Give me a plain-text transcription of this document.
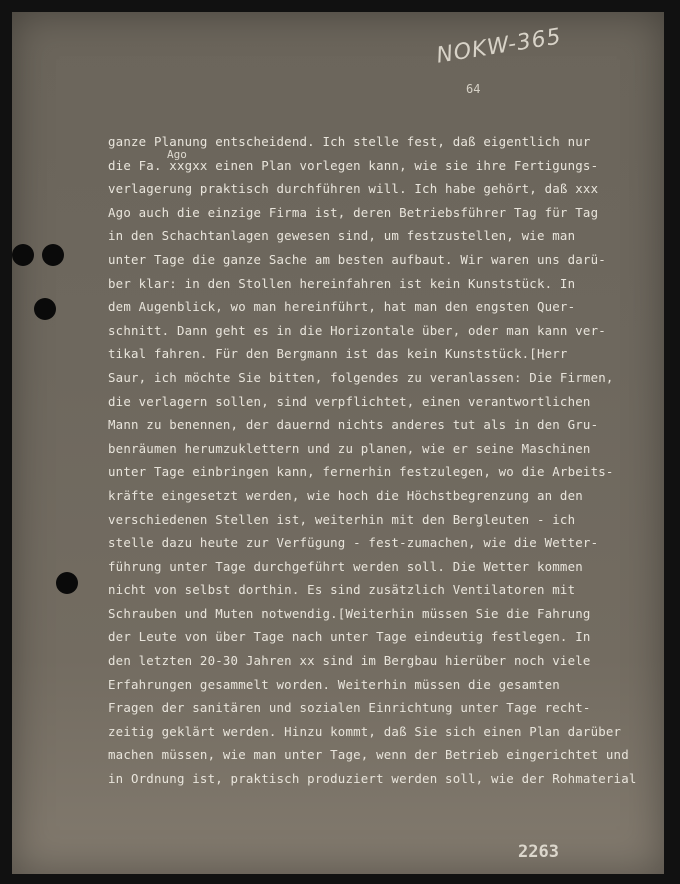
NOKW-365
64
Ago
ganze Planung entscheidend. Ich stelle fest, daß eigentlich nur
die Fa. xxgxx einen Plan vorlegen kann, wie sie ihre Fertigungs-
verlagerung praktisch durchführen will. Ich habe gehört, daß xxx
Ago auch die einzige Firma ist, deren Betriebsführer Tag für Tag
in den Schachtanlagen gewesen sind, um festzustellen, wie man
unter Tage die ganze Sache am besten aufbaut. Wir waren uns darü-
ber klar: in den Stollen hereinfahren ist kein Kunststück. In
dem Augenblick, wo man hereinführt, hat man den engsten Quer-
schnitt. Dann geht es in die Horizontale über, oder man kann ver-
tikal fahren. Für den Bergmann ist das kein Kunststück.[Herr
Saur, ich möchte Sie bitten, folgendes zu veranlassen: Die Firmen,
die verlagern sollen, sind verpflichtet, einen verantwortlichen
Mann zu benennen, der dauernd nichts anderes tut als in den Gru-
benräumen herumzuklettern und zu planen, wie er seine Maschinen
unter Tage einbringen kann, fernerhin festzulegen, wo die Arbeits-
kräfte eingesetzt werden, wie hoch die Höchstbegrenzung an den
verschiedenen Stellen ist, weiterhin mit den Bergleuten - ich
stelle dazu heute zur Verfügung - fest-zumachen, wie die Wetter-
führung unter Tage durchgeführt werden soll. Die Wetter kommen
nicht von selbst dorthin. Es sind zusätzlich Ventilatoren mit
Schrauben und Muten notwendig.[Weiterhin müssen Sie die Fahrung
der Leute von über Tage nach unter Tage eindeutig festlegen. In
den letzten 20-30 Jahren xx sind im Bergbau hierüber noch viele
Erfahrungen gesammelt worden. Weiterhin müssen die gesamten
Fragen der sanitären und sozialen Einrichtung unter Tage recht-
zeitig geklärt werden. Hinzu kommt, daß Sie sich einen Plan darüber
machen müssen, wie man unter Tage, wenn der Betrieb eingerichtet und
in Ordnung ist, praktisch produziert werden soll, wie der Rohmaterial
2263
